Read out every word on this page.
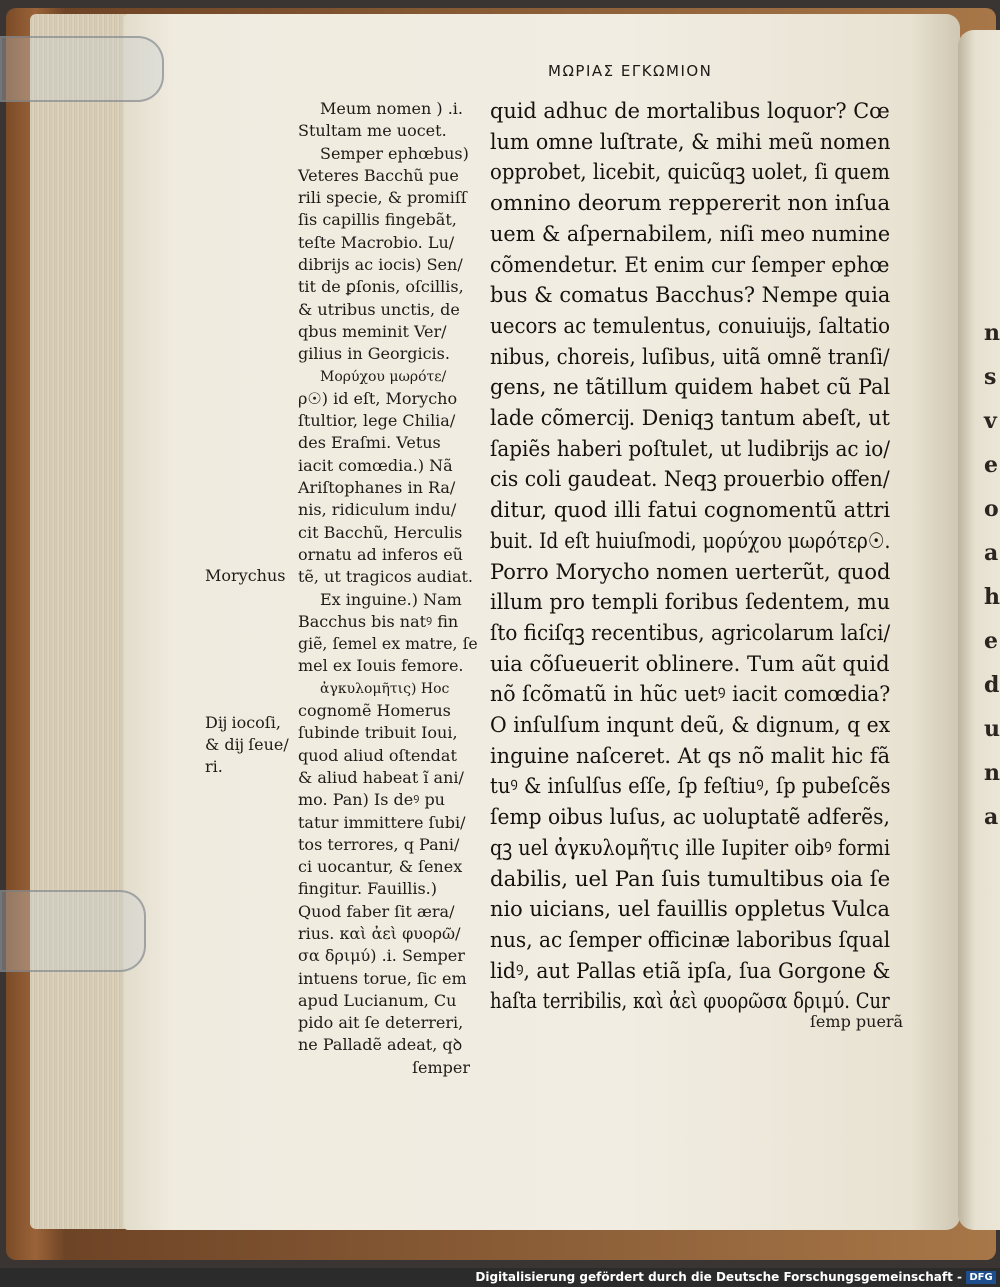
n
s
v
e
o
a
h
e
d
u
n
a
ΜΩΡΙΑΣ ΕΓΚΩΜΙΟΝ
Meum nomen ) .i.
Stultam me uocet.
Semper ephœbus)
Veteres Bacchũ pue
rili specie, & promiſſ
ſis capillis fingebãt,
teſte Macrobio. Lu/
dibrijs ac iocis) Sen/
tit de ꝑſonis, oſcillis,
& utribus unctis, de
qbus meminit Ver/
gilius in Georgicis.
Μορύχου μωρότε/
ρ☉) id eſt, Morycho
ſtultior, lege Chilia/
des Eraſmi. Vetus
iacit comœdia.) Nã
Ariſtophanes in Ra/
nis, ridiculum indu/
cit Bacchũ, Herculis
ornatu ad inferos eũ
tẽ, ut tragicos audiat.
Ex inguine.) Nam
Bacchus bis natꝰ fin
giẽ, ſemel ex matre, ſe
mel ex Iouis femore.
ἀγκυλομῆτις) Hoc
cognomẽ Homerus
ſubinde tribuit Ioui,
quod aliud oſtendat
& aliud habeat ĩ ani/
mo. Pan) Is deꝰ pu
tatur immittere ſubi/
tos terrores, q Pani/
ci uocantur, & ſenex
fingitur. Fauillis.)
Quod faber ſit æra/
rius. καὶ ἀεὶ φυορῶ/
σα δριμύ) .i. Semper
intuens torue, ſic em
apud Lucianum, Cu
pido ait ſe deterreri,
ne Palladẽ adeat, qꝺ
ſemper
Morychus
Dĳ iocoſi,
& dĳ ſeue/
ri.
quid adhuc de mortalibus loquor? Cœ
lum omne luſtrate, & mihi meũ nomen
opprobet, licebit, quicũqꝫ uolet, ſi quem
omnino deorum reppererit non inſua
uem & aſpernabilem, niſi meo numine
cõmendetur. Et enim cur ſemper ephœ
bus & comatus Bacchus? Nempe quia
uecors ac temulentus, conuiuĳs, ſaltatio
nibus, choreis, luſibus, uitã omnẽ tranſi/
gens, ne tãtillum quidem habet cũ Pal
lade cõmercĳ. Deniqꝫ tantum abeſt, ut
ſapiẽs haberi poſtulet, ut ludibrĳs ac io/
cis coli gaudeat. Neqꝫ prouerbio offen/
ditur, quod illi fatui cognomentũ attri
buit. Id eſt huiuſmodi, μορύχου μωρότερ☉.
Porro Morycho nomen uerterũt, quod
illum pro templi foribus ſedentem, mu
ſto ficiſqꝫ recentibus, agricolarum laſci/
uia cõſueuerit oblinere. Tum aũt quid
nõ ſcõmatũ in hũc uetꝰ iacit comœdia?
O inſulſum inqunt deũ, & dignum, q ex
inguine naſceret. At qs nõ malit hic fã
tuꝰ & inſulſus eſſe, ſp feſtiuꝰ, ſp pubeſcẽs
ſemp oibus luſus, ac uoluptatẽ adferẽs,
qꝫ uel ἀγκυλομῆτις ille Iupiter oibꝰ formi
dabilis, uel Pan ſuis tumultibus oia ſe
nio uicians, uel fauillis oppletus Vulca
nus, ac ſemper officinæ laboribus ſqual
lidꝰ, aut Pallas etiã ipſa, ſua Gorgone &
haſta terribilis, καὶ ἀεὶ φυορῶσα δριμύ. Cur
ſemp puerã
Digitalisierung gefördert durch die Deutsche Forschungsgemeinschaft - DFG
